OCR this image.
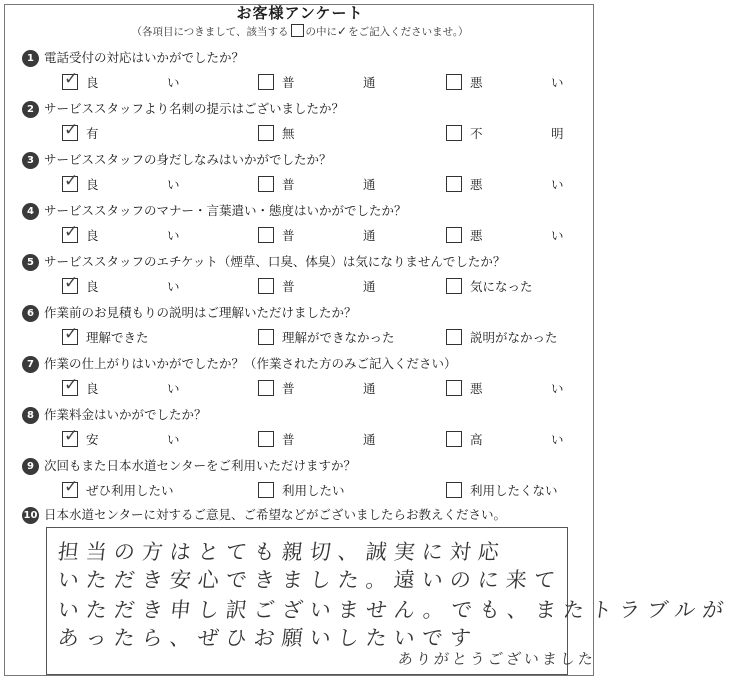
お客様アンケート
（各項目につきまして、該当する の中に✓をご記入くださいませ。）
1 電話受付の対応はいかがでしたか？
✓ 良　い	普　通	悪　い
2 サービススタッフより名刺の提示はございましたか？
✓ 有	無	不　明
3 サービススタッフの身だしなみはいかがでしたか？
✓ 良　い	普　通	悪　い
4 サービススタッフのマナー・言葉遣い・態度はいかがでしたか？
✓ 良　い	普　通	悪　い
5 サービススタッフのエチケット（煙草、口臭、体臭）は気になりませんでしたか？
✓ 良　い	普　通	気になった
6 作業前のお見積もりの説明はご理解いただけましたか？
✓ 理解できた	理解ができなかった	説明がなかった
7 作業の仕上がりはいかがでしたか？（作業された方のみご記入ください）
✓ 良　い	普　通	悪　い
8 作業料金はいかがでしたか？
✓ 安　い	普　通	高　い
9 次回もまた日本水道センターをご利用いただけますか？
✓ ぜひ利用したい	利用したい	利用したくない
10 日本水道センターに対するご意見、ご希望などがございましたらお教えください。
担当の方はとても親切、誠実に対応
いただき安心できました。遠いのに来て
いただき申し訳ございません。でも、またトラブルが
あったら、ぜひお願いしたいです
ありがとうございました
